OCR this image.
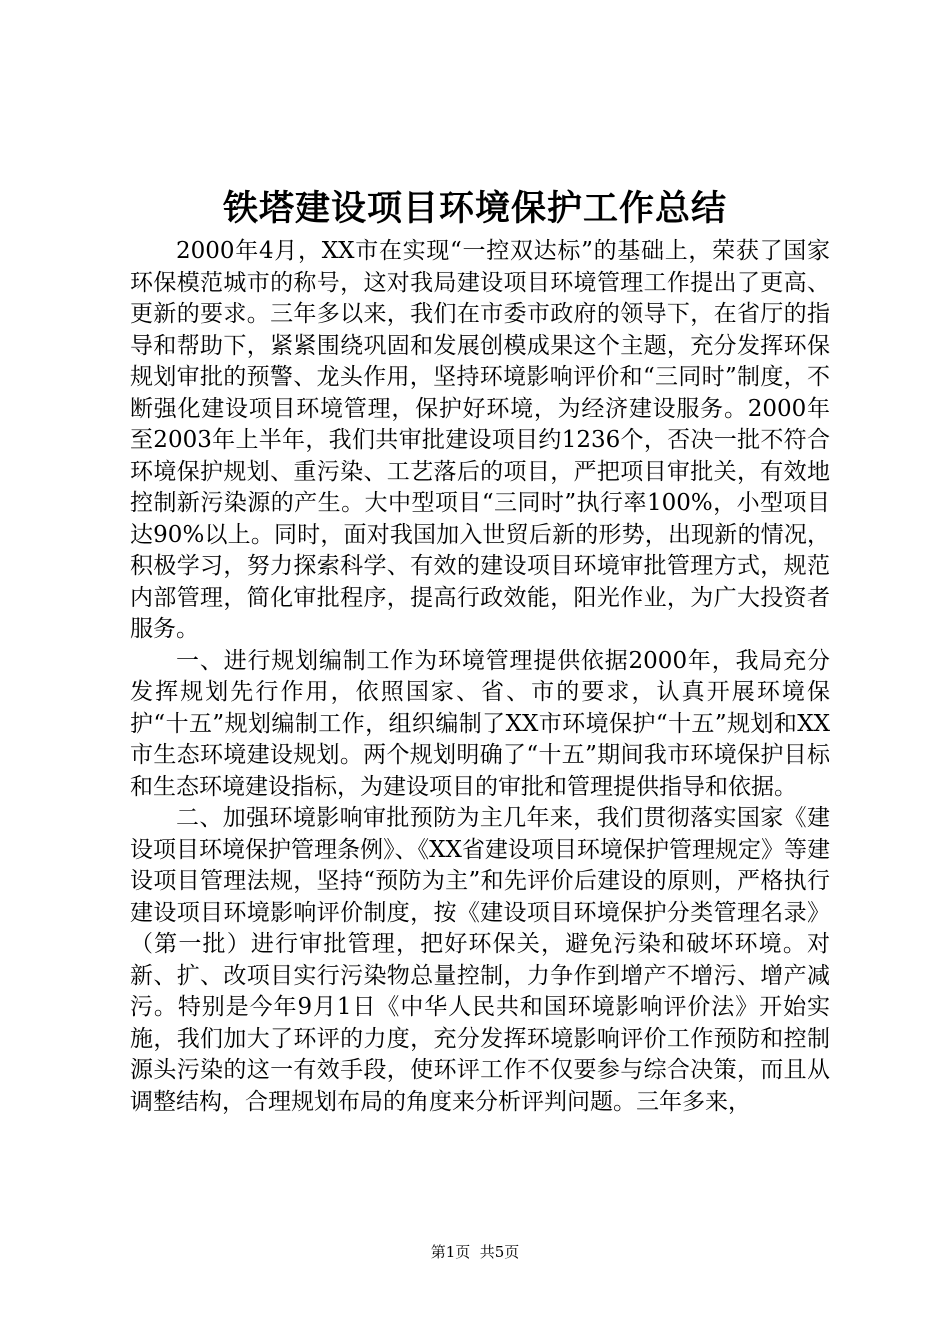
铁塔建设项目环境保护工作总结

2000年4月，XX市在实现“一控双达标”的基础上，荣获了国家环保模范城市的称号，这对我局建设项目环境管理工作提出了更高、更新的要求。三年多以来，我们在市委市政府的领导下，在省厅的指导和帮助下，紧紧围绕巩固和发展创模成果这个主题，充分发挥环保规划审批的预警、龙头作用，坚持环境影响评价和“三同时”制度，不断强化建设项目环境管理，保护好环境，为经济建设服务。2000年至2003年上半年，我们共审批建设项目约1236个，否决一批不符合环境保护规划、重污染、工艺落后的项目，严把项目审批关，有效地控制新污染源的产生。大中型项目“三同时”执行率100%，小型项目达90%以上。同时，面对我国加入世贸后新的形势，出现新的情况，积极学习，努力探索科学、有效的建设项目环境审批管理方式，规范内部管理，简化审批程序，提高行政效能，阳光作业，为广大投资者服务。

一、进行规划编制工作为环境管理提供依据2000年，我局充分发挥规划先行作用，依照国家、省、市的要求，认真开展环境保护“十五”规划编制工作，组织编制了XX市环境保护“十五”规划和XX市生态环境建设规划。两个规划明确了“十五”期间我市环境保护目标和生态环境建设指标，为建设项目的审批和管理提供指导和依据。

二、加强环境影响审批预防为主几年来，我们贯彻落实国家《建设项目环境保护管理条例》、《XX省建设项目环境保护管理规定》等建设项目管理法规，坚持“预防为主”和先评价后建设的原则，严格执行建设项目环境影响评价制度，按《建设项目环境保护分类管理名录》（第一批）进行审批管理，把好环保关，避免污染和破坏环境。对新、扩、改项目实行污染物总量控制，力争作到增产不增污、增产减污。特别是今年9月1日《中华人民共和国环境影响评价法》开始实施，我们加大了环评的力度，充分发挥环境影响评价工作预防和控制源头污染的这一有效手段，使环评工作不仅要参与综合决策，而且从调整结构，合理规划布局的角度来分析评判问题。三年多来，

第1页  共5页
